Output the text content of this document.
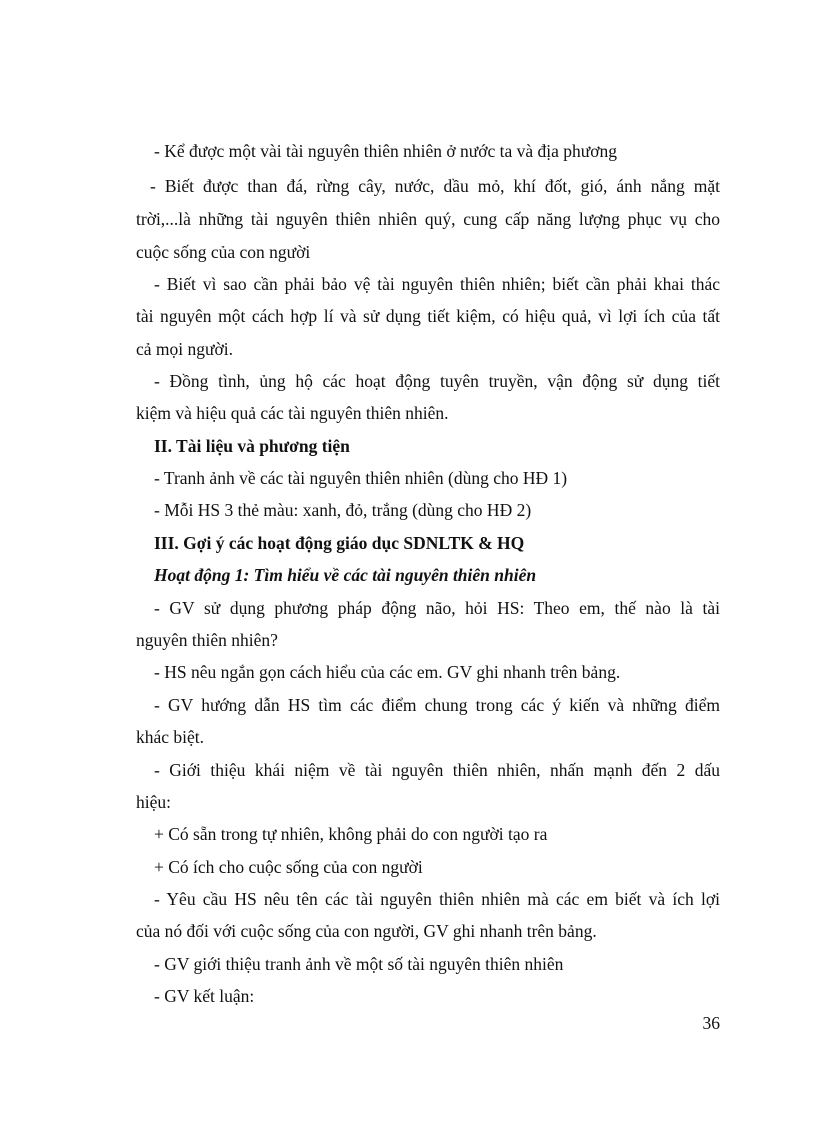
- Kể được một vài tài nguyên thiên nhiên ở nước ta và địa phương
- Biết được than đá, rừng cây, nước, dầu mỏ, khí đốt, gió, ánh nắng mặt
trời,...là những tài nguyên thiên nhiên quý, cung cấp năng lượng phục vụ cho
cuộc sống của con người
- Biết vì sao cần phải bảo vệ tài nguyên thiên nhiên; biết cần phải khai thác
tài nguyên một cách hợp lí và sử dụng tiết kiệm, có hiệu quả, vì lợi ích của tất
cả mọi người.
- Đồng tình, ủng hộ các hoạt động tuyên truyền, vận động sử dụng tiết
kiệm và hiệu quả các tài nguyên thiên nhiên.
II. Tài liệu và phương tiện
- Tranh ảnh về các tài nguyên thiên nhiên (dùng cho HĐ 1)
- Mỗi HS 3 thẻ màu: xanh, đỏ, trắng (dùng cho HĐ 2)
III. Gợi ý các hoạt động giáo dục SDNLTK & HQ
Hoạt động 1: Tìm hiểu về các tài nguyên thiên nhiên
- GV sử dụng phương pháp động não, hỏi HS: Theo em, thế nào là tài
nguyên thiên nhiên?
- HS nêu ngắn gọn cách hiểu của các em. GV ghi nhanh trên bảng.
- GV hướng dẫn HS tìm các điểm chung trong các ý kiến và những điểm
khác biệt.
- Giới thiệu khái niệm về tài nguyên thiên nhiên, nhấn mạnh đến 2 dấu
hiệu:
+ Có sẵn trong tự nhiên, không phải do con người tạo ra
+ Có ích cho cuộc sống của con người
- Yêu cầu HS nêu tên các tài nguyên thiên nhiên mà các em biết và ích lợi
của nó đối với cuộc sống của con người, GV ghi nhanh trên bảng.
- GV giới thiệu tranh ảnh về một số tài nguyên thiên nhiên
- GV kết luận:
36
